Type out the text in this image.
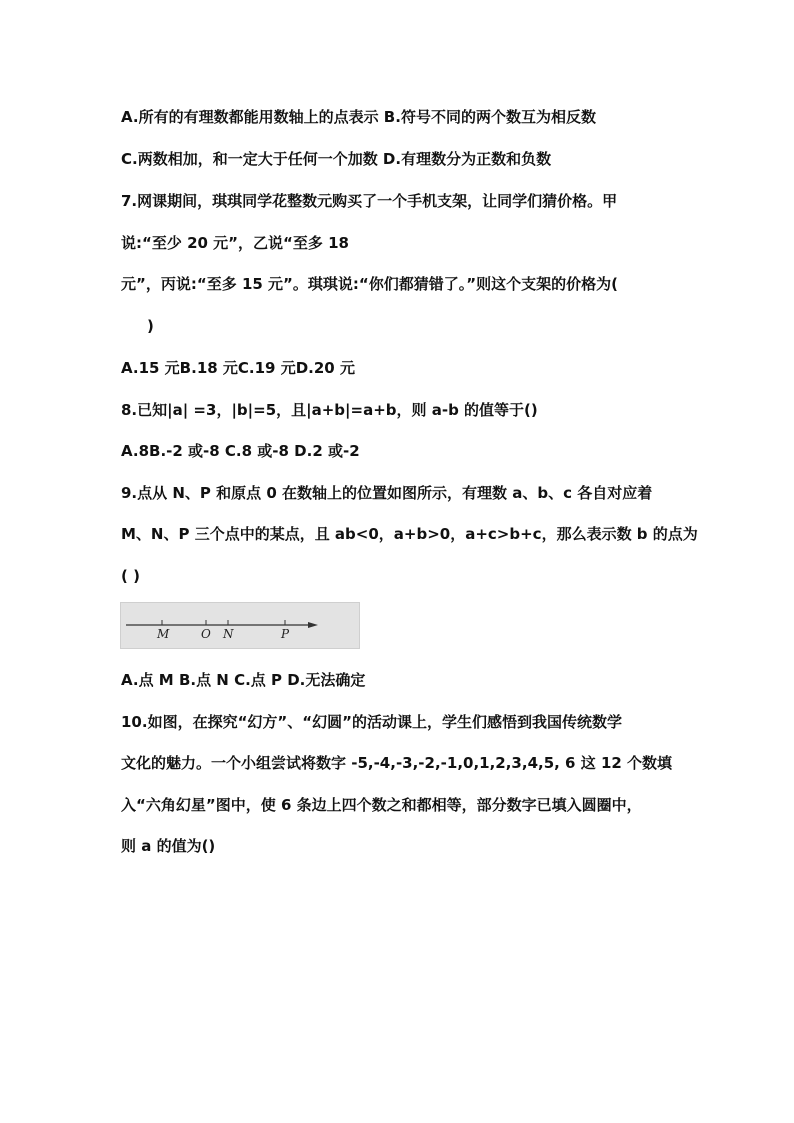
A.所有的有理数都能用数轴上的点表示 B.符号不同的两个数互为相反数
C.两数相加，和一定大于任何一个加数 D.有理数分为正数和负数
7.网课期间，琪琪同学花整数元购买了一个手机支架，让同学们猜价格。甲
说:“至少 20 元”，乙说“至多 18
元”，丙说:“至多 15 元”。琪琪说:“你们都猜错了。”则这个支架的价格为(
)
A.15 元B.18 元C.19 元D.20 元
8.已知|a| =3，|b|=5，且|a+b|=a+b，则 a-b 的值等于()
A.8B.-2 或-8 C.8 或-8 D.2 或-2
9.点从 N、P 和原点 0 在数轴上的位置如图所示，有理数 a、b、c 各自对应着
M、N、P 三个点中的某点，且 ab<0，a+b>0，a+c>b+c，那么表示数 b 的点为
( )
M	O N	P
A.点 M B.点 N C.点 P D.无法确定
10.如图，在探究“幻方”、“幻圆”的活动课上，学生们感悟到我国传统数学
文化的魅力。一个小组尝试将数字 -5,-4,-3,-2,-1,0,1,2,3,4,5, 6 这 12 个数填
入“六角幻星”图中，使 6 条边上四个数之和都相等，部分数字已填入圆圈中，
则 a 的值为()
